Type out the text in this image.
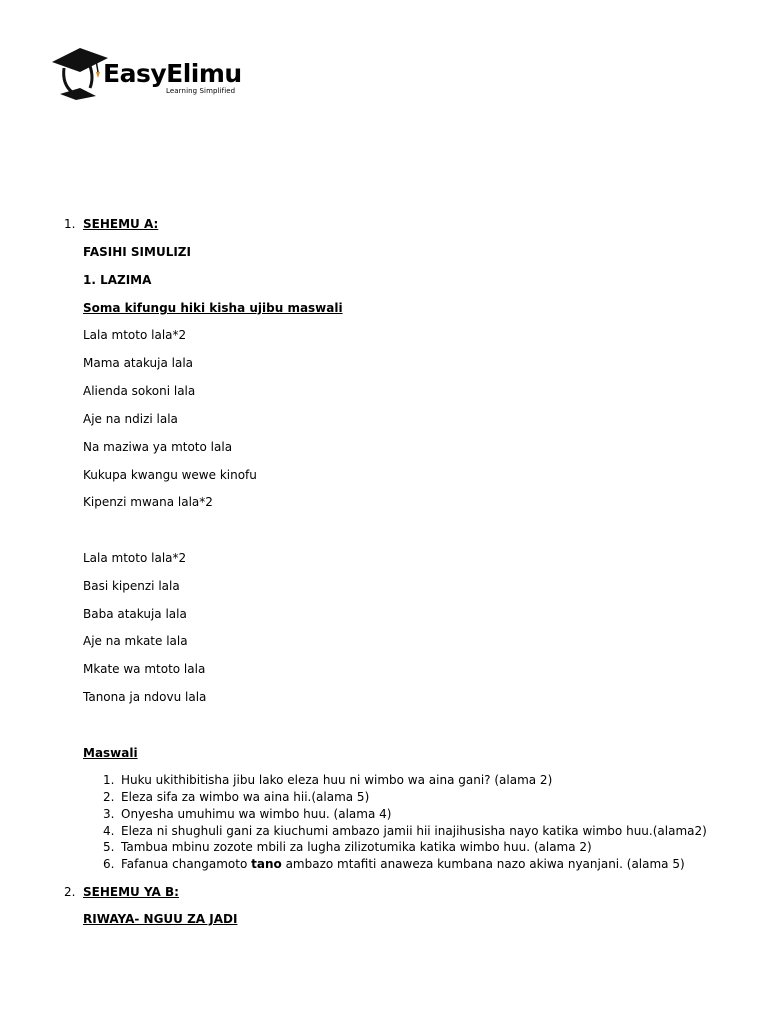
EasyElimu
Learning Simplified
1. SEHEMU A:
FASIHI SIMULIZI
1. LAZIMA
Soma kifungu hiki kisha ujibu maswali
Lala mtoto lala*2
Mama atakuja lala
Alienda sokoni lala
Aje na ndizi lala
Na maziwa ya mtoto lala
Kukupa kwangu wewe kinofu
Kipenzi mwana lala*2
Lala mtoto lala*2
Basi kipenzi lala
Baba atakuja lala
Aje na mkate lala
Mkate wa mtoto lala
Tanona ja ndovu lala
Maswali
1. Huku ukithibitisha jibu lako eleza huu ni wimbo wa aina gani? (alama 2)
2. Eleza sifa za wimbo wa aina hii.(alama 5)
3. Onyesha umuhimu wa wimbo huu. (alama 4)
4. Eleza ni shughuli gani za kiuchumi ambazo jamii hii inajihusisha nayo katika wimbo huu.(alama2)
5. Tambua mbinu zozote mbili za lugha zilizotumika katika wimbo huu. (alama 2)
6. Fafanua changamoto tano ambazo mtafiti anaweza kumbana nazo akiwa nyanjani. (alama 5)
2. SEHEMU YA B:
RIWAYA- NGUU ZA JADI
